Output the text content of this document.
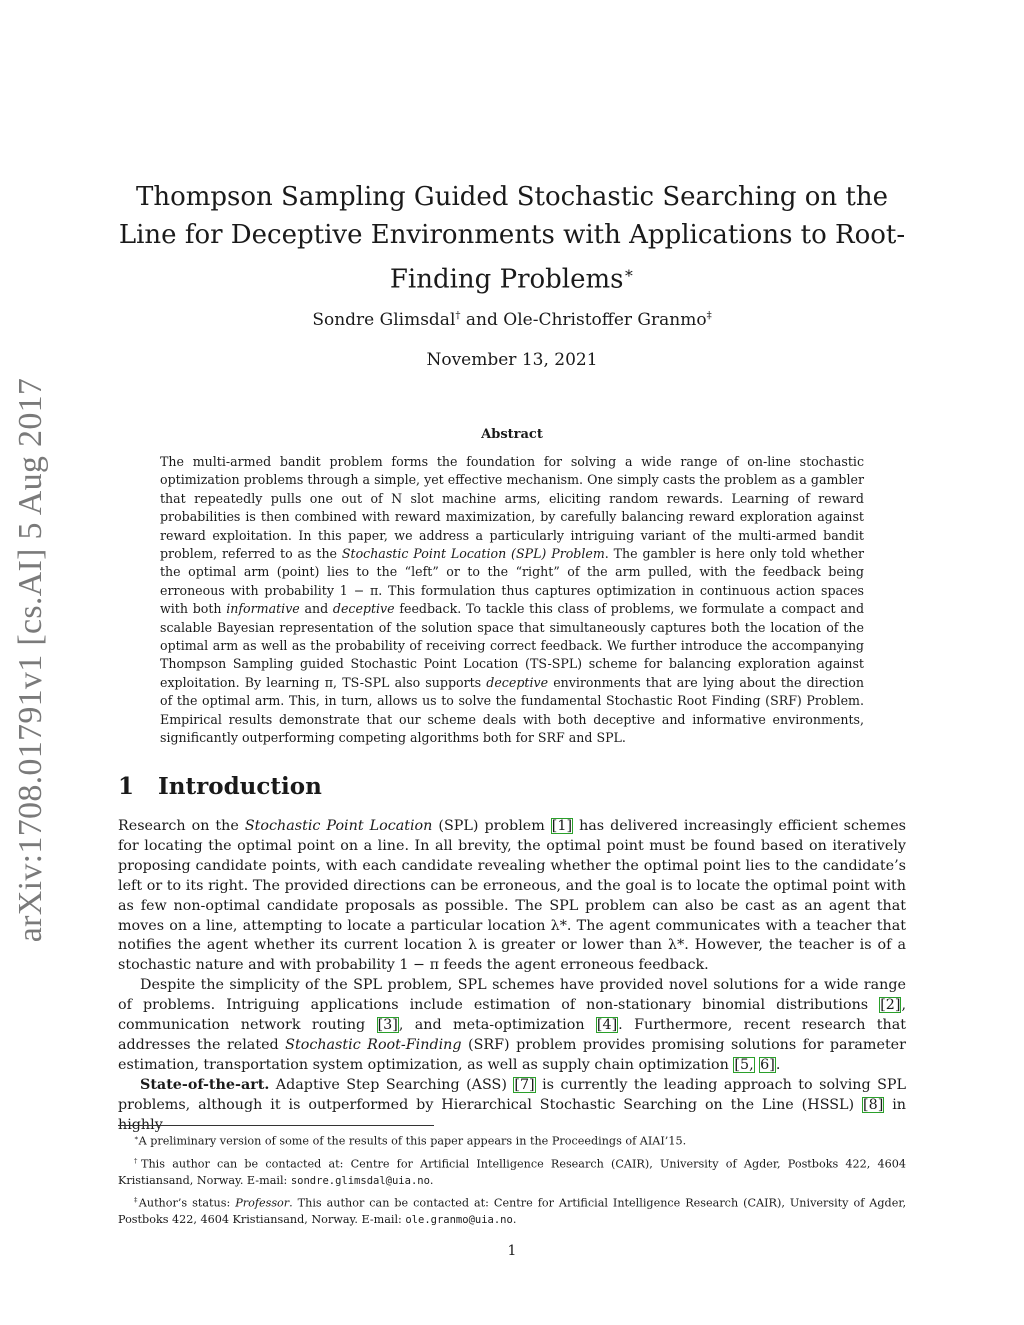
arXiv:1708.01791v1 [cs.AI] 5 Aug 2017
Thompson Sampling Guided Stochastic Searching on the Line for Deceptive Environments with Applications to Root-Finding Problems∗
Sondre Glimsdal† and Ole-Christoffer Granmo‡
November 13, 2021
Abstract
The multi-armed bandit problem forms the foundation for solving a wide range of on-line stochastic optimization problems through a simple, yet effective mechanism. One simply casts the problem as a gambler that repeatedly pulls one out of N slot machine arms, eliciting random rewards. Learning of reward probabilities is then combined with reward maximization, by carefully balancing reward exploration against reward exploitation. In this paper, we address a particularly intriguing variant of the multi-armed bandit problem, referred to as the Stochastic Point Location (SPL) Problem. The gambler is here only told whether the optimal arm (point) lies to the “left” or to the “right” of the arm pulled, with the feedback being erroneous with probability 1 − π. This formulation thus captures optimization in continuous action spaces with both informative and deceptive feedback. To tackle this class of problems, we formulate a compact and scalable Bayesian representation of the solution space that simultaneously captures both the location of the optimal arm as well as the probability of receiving correct feedback. We further introduce the accompanying Thompson Sampling guided Stochastic Point Location (TS-SPL) scheme for balancing exploration against exploitation. By learning π, TS-SPL also supports deceptive environments that are lying about the direction of the optimal arm. This, in turn, allows us to solve the fundamental Stochastic Root Finding (SRF) Problem. Empirical results demonstrate that our scheme deals with both deceptive and informative environments, significantly outperforming competing algorithms both for SRF and SPL.
1 Introduction

Research on the Stochastic Point Location (SPL) problem [1] has delivered increasingly efficient schemes for locating the optimal point on a line. In all brevity, the optimal point must be found based on iteratively proposing candidate points, with each candidate revealing whether the optimal point lies to the candidate’s left or to its right. The provided directions can be erroneous, and the goal is to locate the optimal point with as few non-optimal candidate proposals as possible. The SPL problem can also be cast as an agent that moves on a line, attempting to locate a particular location λ*. The agent communicates with a teacher that notifies the agent whether its current location λ is greater or lower than λ*. However, the teacher is of a stochastic nature and with probability 1 − π feeds the agent erroneous feedback.

Despite the simplicity of the SPL problem, SPL schemes have provided novel solutions for a wide range of problems. Intriguing applications include estimation of non-stationary binomial distributions [2], communication network routing [3], and meta-optimization [4]. Furthermore, recent research that addresses the related Stochastic Root-Finding (SRF) problem provides promising solutions for parameter estimation, transportation system optimization, as well as supply chain optimization [5, 6].

State-of-the-art. Adaptive Step Searching (ASS) [7] is currently the leading approach to solving SPL problems, although it is outperformed by Hierarchical Stochastic Searching on the Line (HSSL) [8] in highly

∗A preliminary version of some of the results of this paper appears in the Proceedings of AIAI’15.

†This author can be contacted at: Centre for Artificial Intelligence Research (CAIR), University of Agder, Postboks 422, 4604 Kristiansand, Norway. E-mail: sondre.glimsdal@uia.no.

‡Author’s status: Professor. This author can be contacted at: Centre for Artificial Intelligence Research (CAIR), University of Agder, Postboks 422, 4604 Kristiansand, Norway. E-mail: ole.granmo@uia.no.

1
